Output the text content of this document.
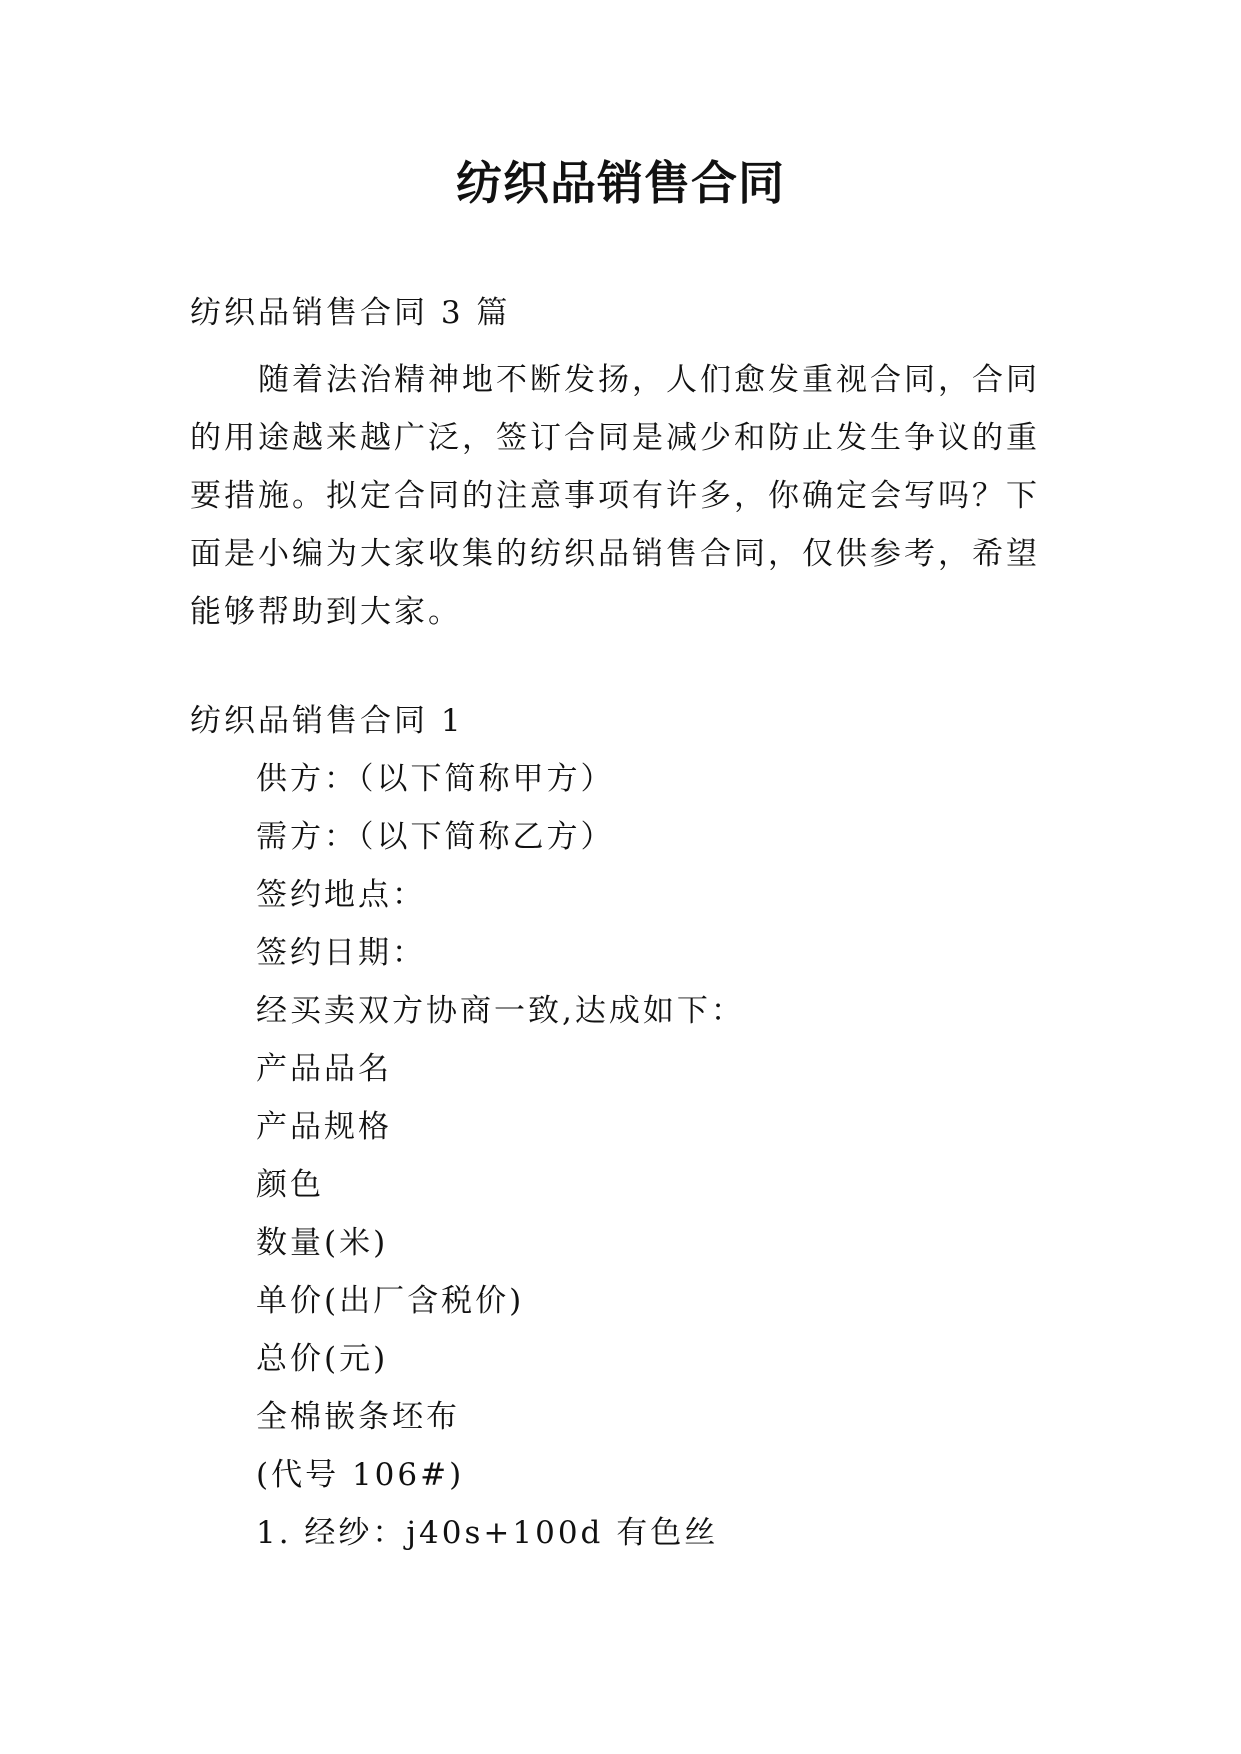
纺织品销售合同
纺织品销售合同 3 篇
随着法治精神地不断发扬，人们愈发重视合同，合同的用途越来越广泛，签订合同是减少和防止发生争议的重要措施。拟定合同的注意事项有许多，你确定会写吗？下面是小编为大家收集的纺织品销售合同，仅供参考，希望能够帮助到大家。
纺织品销售合同 1
供方：（以下简称甲方）
需方：（以下简称乙方）
签约地点：
签约日期：
经买卖双方协商一致,达成如下：
产品品名
产品规格
颜色
数量(米)
单价(出厂含税价)
总价(元)
全棉嵌条坯布
(代号 106#)
1. 经纱：j40s+100d 有色丝
